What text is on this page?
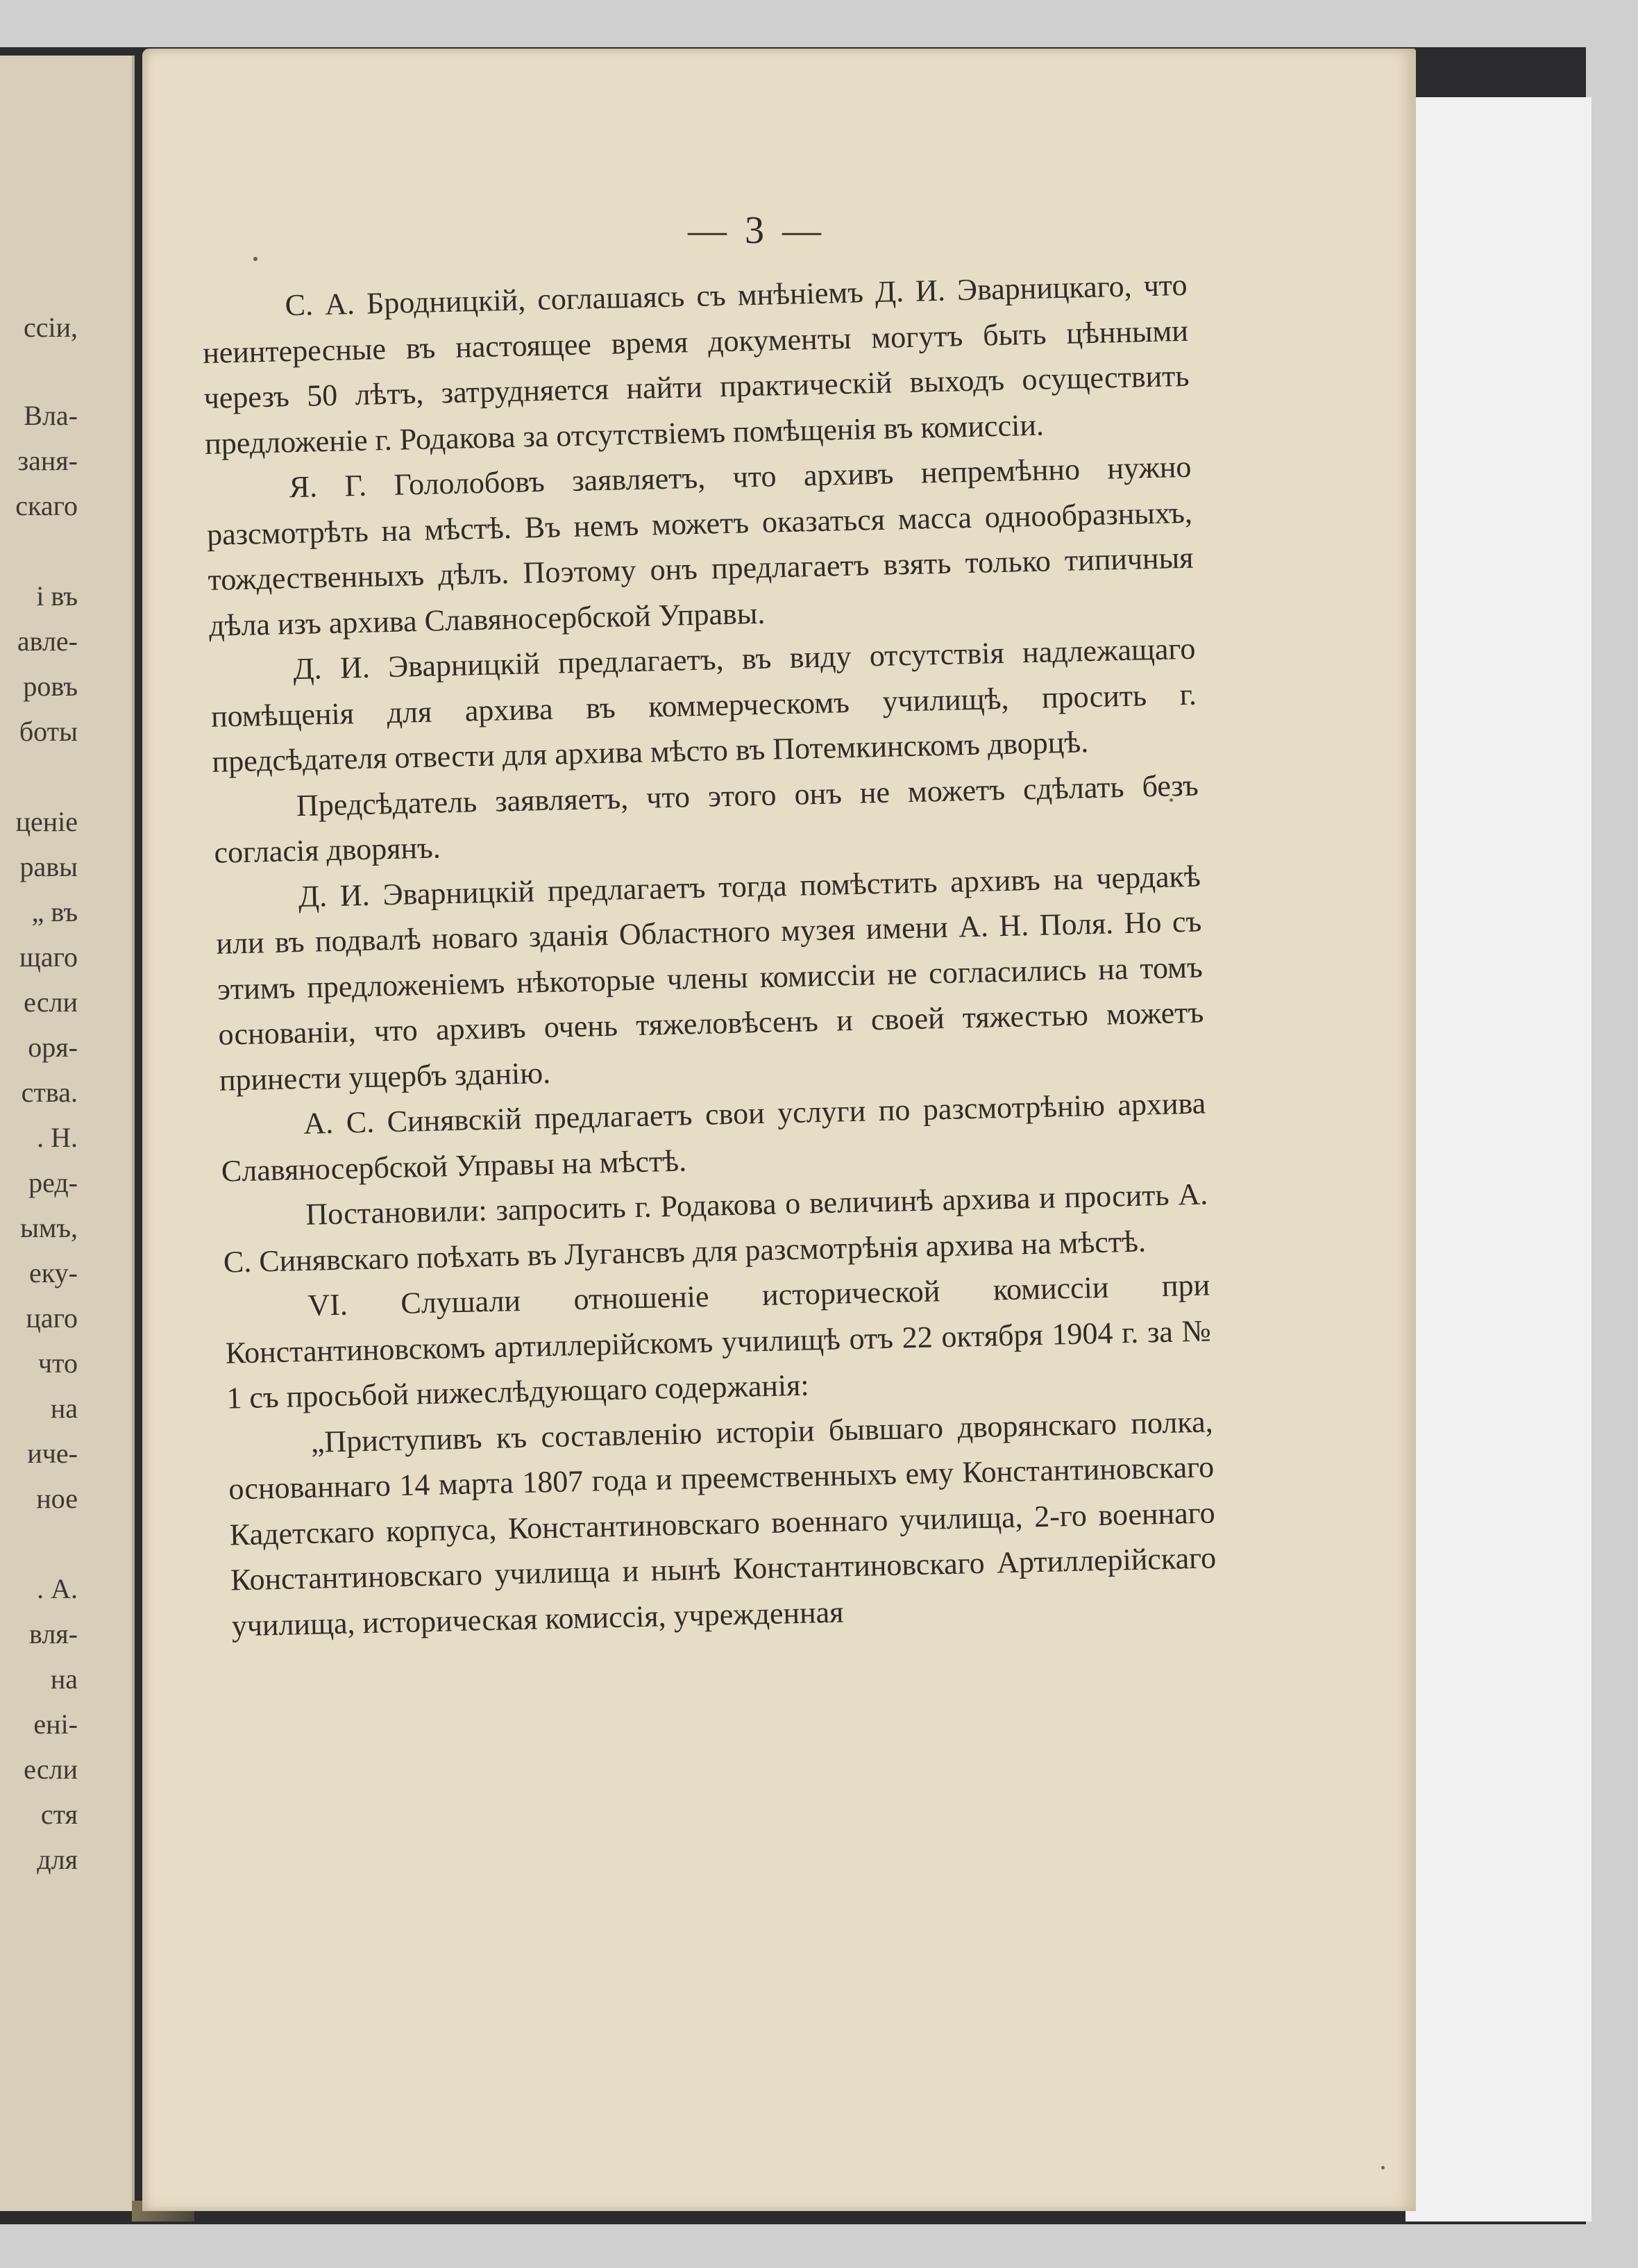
ссіи,
Вла-
заня-
скаго
і въ
авле-
ровъ
боты
ценіе
равы
„ въ
щаго
если
оря-
ства.
. Н.
ред-
ымъ,
еку-
цаго
что
на
иче-
ное
. А.
вля-
на
ені-
если
стя
для
— 3 —

С. А. Бродницкій, соглашаясь съ мнѣніемъ Д. И. Эварницкаго, что неинтересные въ настоящее время документы могутъ быть цѣнными черезъ 50 лѣтъ, затрудняется найти практическій выходъ осуществить предложеніе г. Родакова за отсутствіемъ помѣщенія въ комиссіи.

Я. Г. Гололобовъ заявляетъ, что архивъ непремѣнно нужно разсмотрѣть на мѣстѣ. Въ немъ можетъ оказаться масса однообразныхъ, тождественныхъ дѣлъ. Поэтому онъ предлагаетъ взять только типичныя дѣла изъ архива Славяносербской Управы.

Д. И. Эварницкій предлагаетъ, въ виду отсутствія надлежащаго помѣщенія для архива въ коммерческомъ училищѣ, просить г. предсѣдателя отвести для архива мѣсто въ Потемкинскомъ дворцѣ.

Предсѣдатель заявляетъ, что этого онъ не можетъ сдѣлать безъ согласія дворянъ.

Д. И. Эварницкій предлагаетъ тогда помѣстить архивъ на чердакѣ или въ подвалѣ новаго зданія Областного музея имени А. Н. Поля. Но съ этимъ предложеніемъ нѣкоторые члены комиссіи не согласились на томъ основаніи, что архивъ очень тяжеловѣсенъ и своей тяжестью можетъ принести ущербъ зданію.

А. С. Синявскій предлагаетъ свои услуги по разсмотрѣнію архива Славяносербской Управы на мѣстѣ.

Постановили: запросить г. Родакова о величинѣ архива и просить А. С. Синявскаго поѣхать въ Лугансвъ для разсмотрѣнія архива на мѣстѣ.

VI. Слушали отношеніе исторической комиссіи при Константиновскомъ артиллерійскомъ училищѣ отъ 22 октября 1904 г. за № 1 съ просьбой нижеслѣдующаго содержанія:

„Приступивъ къ составленію исторіи бывшаго дворянскаго полка, основаннаго 14 марта 1807 года и преемственныхъ ему Константиновскаго Кадетскаго корпуса, Константиновскаго военнаго училища, 2-го военнаго Константиновскаго училища и нынѣ Константиновскаго Артиллерійскаго училища, историческая комиссія, учрежденная
